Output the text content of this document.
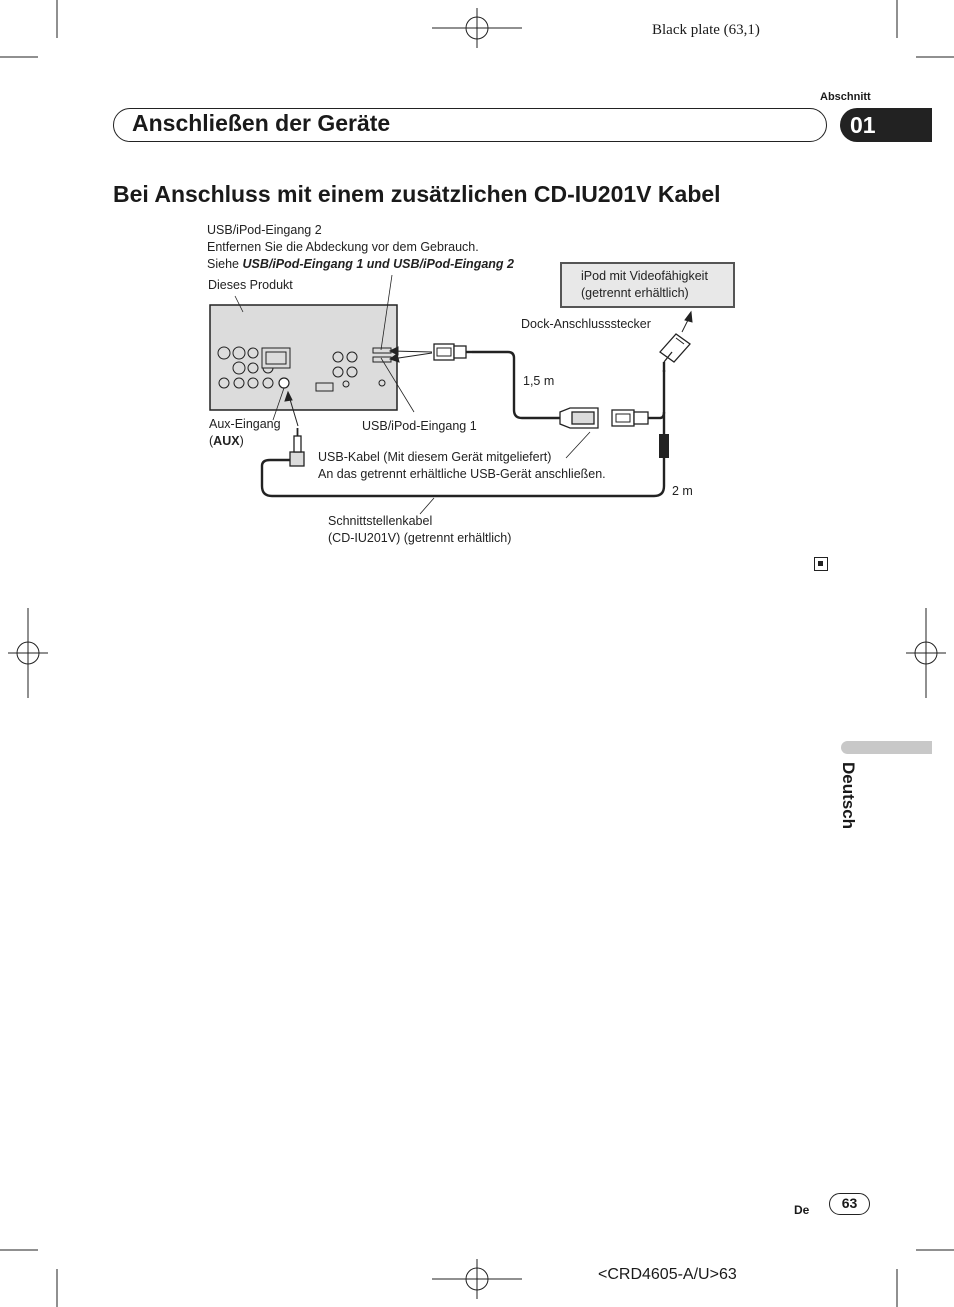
Black plate (63,1)
Abschnitt
Anschließen der Geräte	01
Bei Anschluss mit einem zusätzlichen CD-IU201V Kabel
USB/iPod-Eingang 2
Entfernen Sie die Abdeckung vor dem Gebrauch.
Siehe USB/iPod-Eingang 1 und USB/iPod-Eingang 2
Dieses Produkt
iPod mit Videofähigkeit
(getrennt erhältlich)
Dock-Anschlussstecker
1,5 m
Aux-Eingang
(AUX)
USB/iPod-Eingang 1
USB-Kabel (Mit diesem Gerät mitgeliefert)
An das getrennt erhältliche USB-Gerät anschließen.
2 m
Schnittstellenkabel
(CD-IU201V) (getrennt erhältlich)
Deutsch
De	63
<CRD4605-A/U>63
